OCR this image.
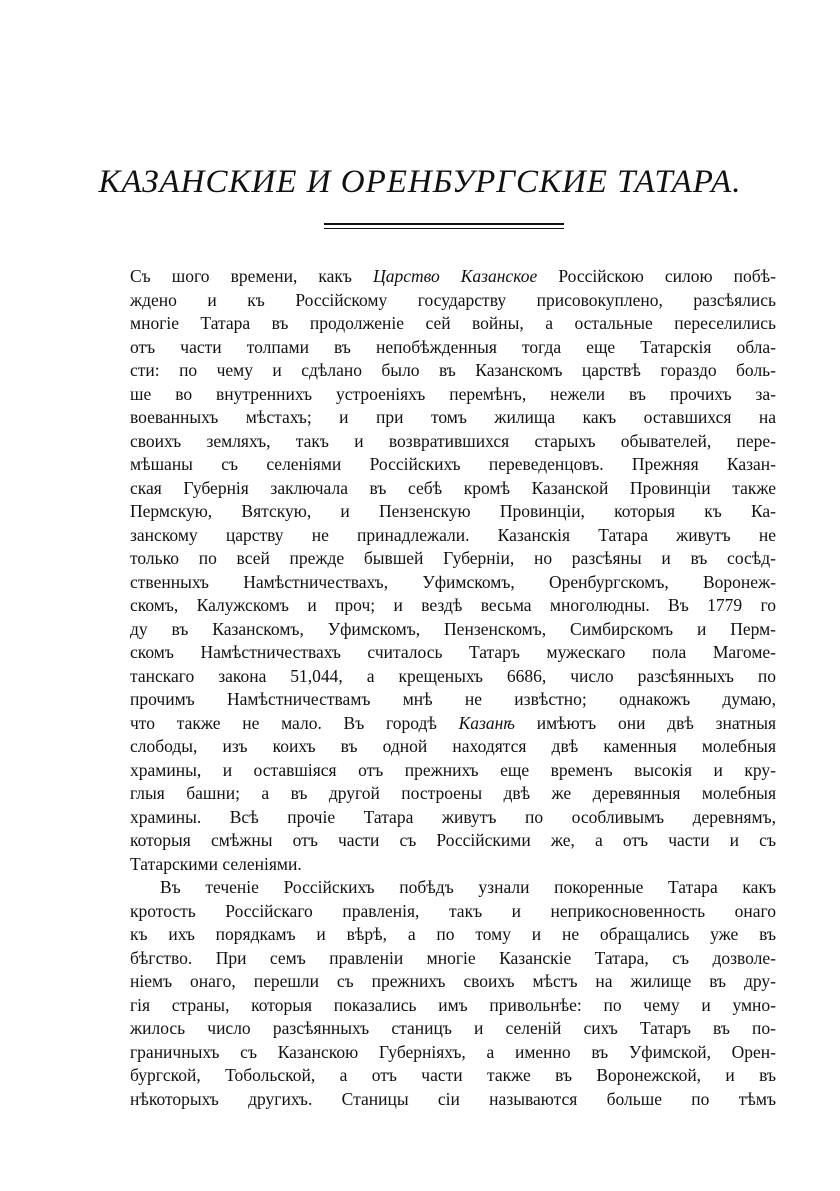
КАЗАНСКИЕ И ОРЕНБУРГСКИЕ ТАТАРА.

Съ шого времени, какъ Царство Казанское Россійскою силою побѣ-
ждено и къ Россійскому государству присовокуплено, разсѣялись
многіе Татара въ продолженіе сей войны, а остальные переселились
отъ части толпами въ непобѣжденныя тогда еще Татарскія обла-
сти: по чему и сдѣлано было въ Казанскомъ царствѣ гораздо боль-
ше во внутреннихъ устроеніяхъ перемѣнъ, нежели въ прочихъ за-
воеванныхъ мѣстахъ; и при томъ жилища какъ оставшихся на
своихъ земляхъ, такъ и возвратившихся старыхъ обывателей, пере-
мѣшаны съ селеніями Россійскихъ переведенцовъ. Прежняя Казан-
ская Губернія заключала въ себѣ кромѣ Казанской Провинціи также
Пермскую, Вятскую, и Пензенскую Провинціи, которыя къ Ка-
занскому царству не принадлежали. Казанскія Татара живутъ не
только по всей прежде бывшей Губерніи, но разсѣяны и въ сосѣд-
ственныхъ Намѣстничествахъ, Уфимскомъ, Оренбургскомъ, Воронеж-
скомъ, Калужскомъ и проч; и вездѣ весьма многолюдны. Въ 1779 го
ду въ Казанскомъ, Уфимскомъ, Пензенскомъ, Симбирскомъ и Перм-
скомъ Намѣстничествахъ считалось Татаръ мужескаго пола Магоме-
танскаго закона 51,044, а крещеныхъ 6686, число разсѣянныхъ по
прочимъ Намѣстничествамъ мнѣ не извѣстно; однакожъ думаю,
что также не мало. Въ городѣ Казанѣ имѣютъ они двѣ знатныя
слободы, изъ коихъ въ одной находятся двѣ каменныя молебныя
храмины, и оставшіяся отъ прежнихъ еще временъ высокія и кру-
глыя башни; а въ другой построены двѣ же деревянныя молебныя
храмины. Всѣ прочіе Татара живутъ по особливымъ деревнямъ,
которыя смѣжны отъ части съ Россійскими же, а отъ части и съ
Татарскими селеніями.

Въ теченіе Россійскихъ побѣдъ узнали покоренные Татара какъ
кротость Россійскаго правленія, такъ и неприкосновенность онаго
къ ихъ порядкамъ и вѣрѣ, а по тому и не обращались уже въ
бѣгство. При семъ правленіи многіе Казанскіе Татара, съ дозволе-
ніемъ онаго, перешли съ прежнихъ своихъ мѣстъ на жилище въ дру-
гія страны, которыя показались имъ привольнѣе: по чему и умно-
жилось число разсѣянныхъ станицъ и селеній сихъ Татаръ въ по-
граничныхъ съ Казанскою Губерніяхъ, а именно въ Уфимской, Орен-
бургской, Тобольской, а отъ части также въ Воронежской, и въ
нѣкоторыхъ другихъ. Станицы сіи называются больше по тѣмъ
